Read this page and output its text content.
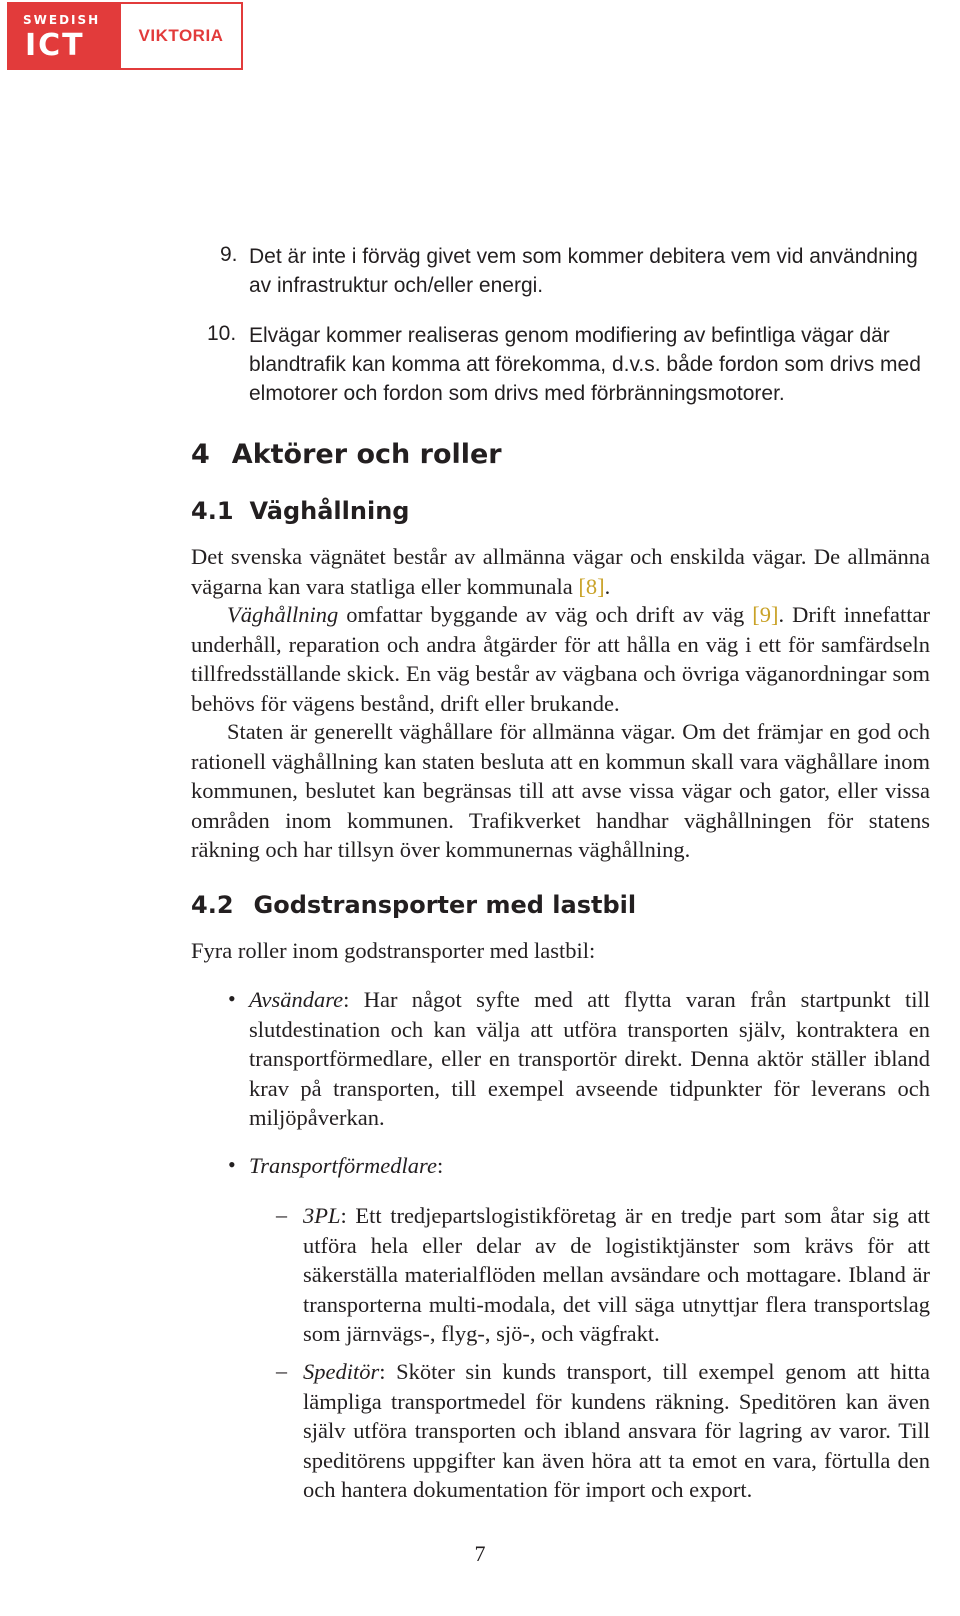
SWEDISH
ICT	VIKTORIA
9. Det är inte i förväg givet vem som kommer debitera vem vid användning av infrastruktur och/eller energi.
10. Elvägar kommer realiseras genom modifiering av befintliga vägar där blandtrafik kan komma att förekomma, d.v.s. både fordon som drivs med elmotorer och fordon som drivs med förbränningsmotorer.
4 Aktörer och roller
4.1 Väghållning
Det svenska vägnätet består av allmänna vägar och enskilda vägar. De allmänna vägarna kan vara statliga eller kommunala [8].
Väghållning omfattar byggande av väg och drift av väg [9]. Drift innefattar underhåll, reparation och andra åtgärder för att hålla en väg i ett för samfärdseln tillfredsställande skick. En väg består av vägbana och övriga väganordningar som behövs för vägens bestånd, drift eller brukande.
Staten är generellt väghållare för allmänna vägar. Om det främjar en god och rationell väghållning kan staten besluta att en kommun skall vara väghållare inom kommunen, beslutet kan begränsas till att avse vissa vägar och gator, eller vissa områden inom kommunen. Trafikverket handhar väghållningen för statens räkning och har tillsyn över kommunernas väghållning.
4.2 Godstransporter med lastbil
Fyra roller inom godstransporter med lastbil:
• Avsändare: Har något syfte med att flytta varan från startpunkt till slutdestination och kan välja att utföra transporten själv, kontraktera en transportförmedlare, eller en transportör direkt. Denna aktör ställer ibland krav på transporten, till exempel avseende tidpunkter för leverans och miljöpåverkan.
• Transportförmedlare:
– 3PL: Ett tredjepartslogistikföretag är en tredje part som åtar sig att utföra hela eller delar av de logistiktjänster som krävs för att säkerställa materialflöden mellan avsändare och mottagare. Ibland är transporterna multi-modala, det vill säga utnyttjar flera transportslag som järnvägs-, flyg-, sjö-, och vägfrakt.
– Speditör: Sköter sin kunds transport, till exempel genom att hitta lämpliga transportmedel för kundens räkning. Speditören kan även själv utföra transporten och ibland ansvara för lagring av varor. Till speditörens uppgifter kan även höra att ta emot en vara, förtulla den och hantera dokumentation för import och export.
7
